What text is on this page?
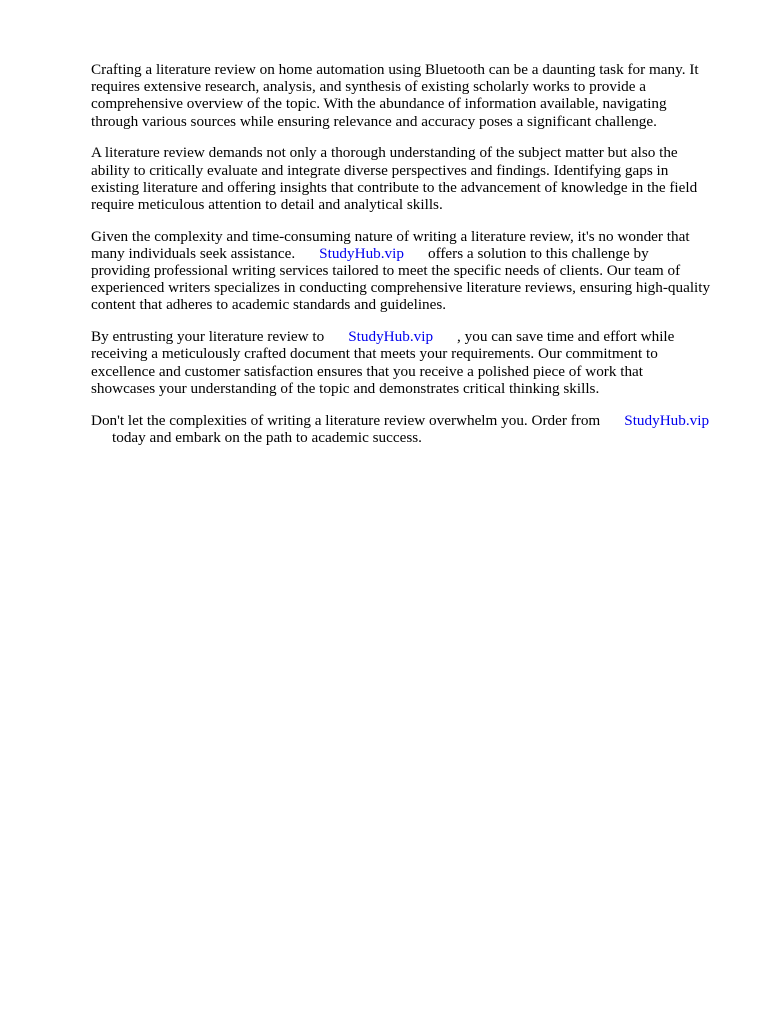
Crafting a literature review on home automation using Bluetooth can be a daunting task for many. It
requires extensive research, analysis, and synthesis of existing scholarly works to provide a
comprehensive overview of the topic. With the abundance of information available, navigating
through various sources while ensuring relevance and accuracy poses a significant challenge.

A literature review demands not only a thorough understanding of the subject matter but also the
ability to critically evaluate and integrate diverse perspectives and findings. Identifying gaps in
existing literature and offering insights that contribute to the advancement of knowledge in the field
require meticulous attention to detail and analytical skills.

Given the complexity and time-consuming nature of writing a literature review, it's no wonder that
many individuals seek assistance. StudyHub.vip offers a solution to this challenge by
providing professional writing services tailored to meet the specific needs of clients. Our team of
experienced writers specializes in conducting comprehensive literature reviews, ensuring high-quality
content that adheres to academic standards and guidelines.

By entrusting your literature review to StudyHub.vip , you can save time and effort while
receiving a meticulously crafted document that meets your requirements. Our commitment to
excellence and customer satisfaction ensures that you receive a polished piece of work that
showcases your understanding of the topic and demonstrates critical thinking skills.

Don't let the complexities of writing a literature review overwhelm you. Order from StudyHub.vip
today and embark on the path to academic success.
